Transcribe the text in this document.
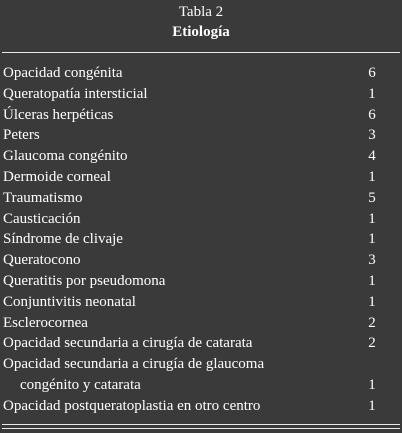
Tabla 2
Etiología
Opacidad congénita	6
Queratopatía intersticial	1
Úlceras herpéticas	6
Peters	3
Glaucoma congénito	4
Dermoide corneal	1
Traumatismo	5
Causticación	1
Síndrome de clivaje	1
Queratocono	3
Queratitis por pseudomona	1
Conjuntivitis neonatal	1
Esclerocornea	2
Opacidad secundaria a cirugía de catarata	2
Opacidad secundaria a cirugía de glaucoma
congénito y catarata	1
Opacidad postqueratoplastia en otro centro	1
